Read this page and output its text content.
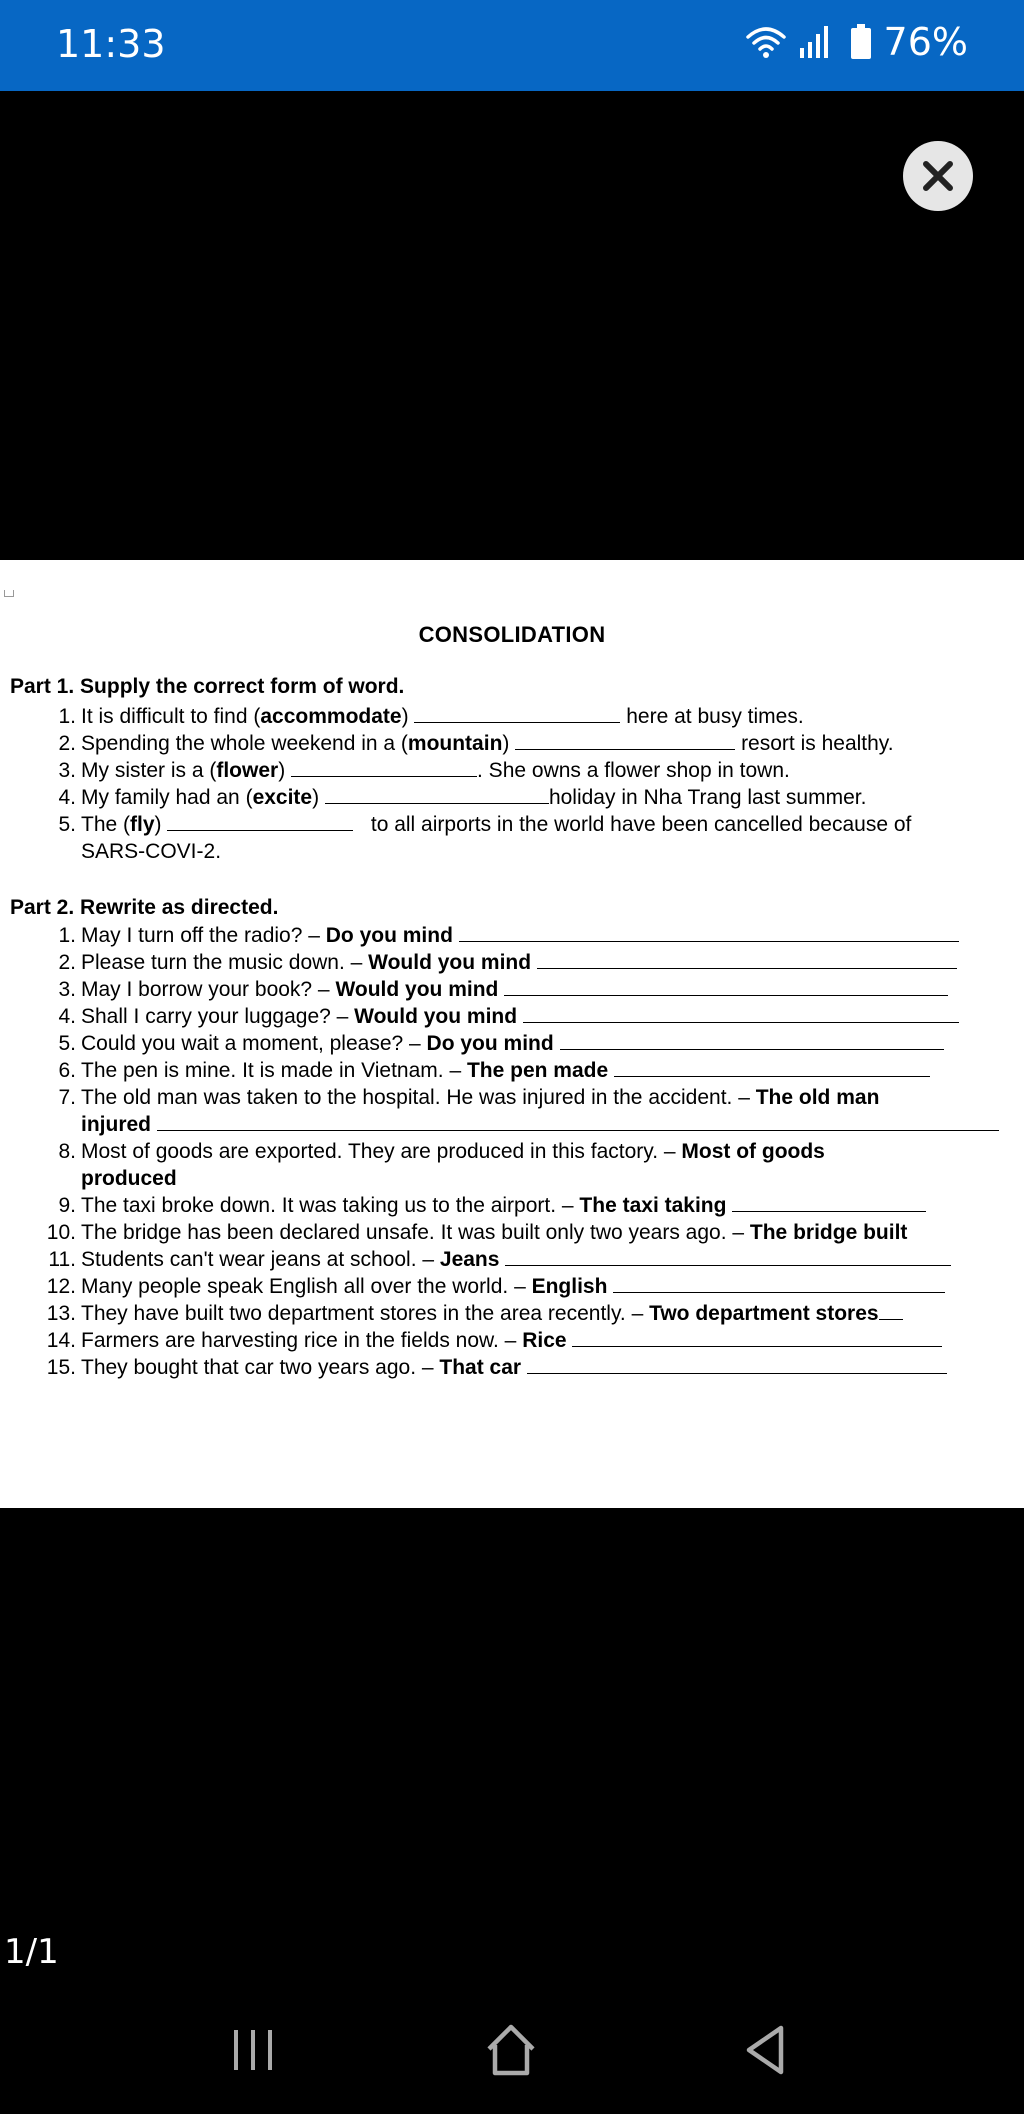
11:33	76%
CONSOLIDATION
Part 1. Supply the correct form of word.
1. It is difficult to find (accommodate)	here at busy times.
2. Spending the whole weekend in a (mountain)	resort is healthy.
3. My sister is a (flower)	. She owns a flower shop in town.
4. My family had an (excite)	holiday in Nha Trang last summer.
5. The (fly)	to all airports in the world have been cancelled because of
SARS-COVI-2.
Part 2. Rewrite as directed.
1. May I turn off the radio? – Do you mind
2. Please turn the music down. – Would you mind
3. May I borrow your book? – Would you mind
4. Shall I carry your luggage? – Would you mind
5. Could you wait a moment, please? – Do you mind
6. The pen is mine. It is made in Vietnam. – The pen made
7. The old man was taken to the hospital. He was injured in the accident. – The old man
injured
8. Most of goods are exported. They are produced in this factory. – Most of goods
produced
9. The taxi broke down. It was taking us to the airport. – The taxi taking
10. The bridge has been declared unsafe. It was built only two years ago. – The bridge built
11. Students can't wear jeans at school. – Jeans
12. Many people speak English all over the world. – English
13. They have built two department stores in the area recently. – Two department stores
14. Farmers are harvesting rice in the fields now. – Rice
15. They bought that car two years ago. – That car
1/1
